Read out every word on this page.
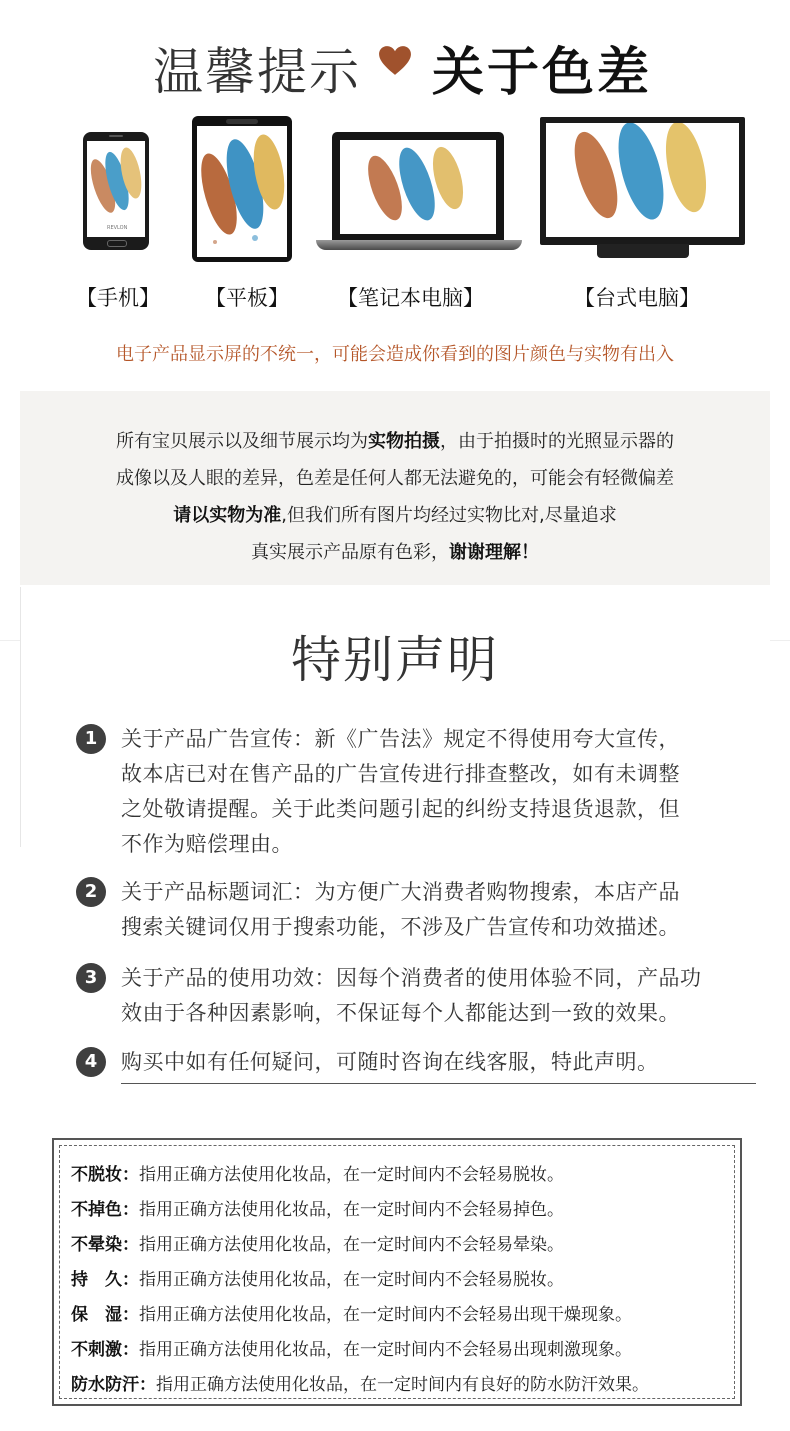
温馨提示 关于色差
REVLON
【手机】 【平板】 【笔记本电脑】	【台式电脑】
电子产品显示屏的不统一，可能会造成你看到的图片颜色与实物有出入
所有宝贝展示以及细节展示均为实物拍摄，由于拍摄时的光照显示器的
成像以及人眼的差异，色差是任何人都无法避免的，可能会有轻微偏差
请以实物为准,但我们所有图片均经过实物比对,尽量追求
真实展示产品原有色彩，谢谢理解！
特别声明
1	关于产品广告宣传：新《广告法》规定不得使用夸大宣传，
故本店已对在售产品的广告宣传进行排查整改，如有未调整
之处敬请提醒。关于此类问题引起的纠纷支持退货退款，但
不作为赔偿理由。
2	关于产品标题词汇：为方便广大消费者购物搜索，本店产品
搜索关键词仅用于搜索功能，不涉及广告宣传和功效描述。
3	关于产品的使用功效：因每个消费者的使用体验不同，产品功
效由于各种因素影响，不保证每个人都能达到一致的效果。
4	购买中如有任何疑问，可随时咨询在线客服，特此声明。
不脱妆：指用正确方法使用化妆品，在一定时间内不会轻易脱妆。
不掉色：指用正确方法使用化妆品，在一定时间内不会轻易掉色。
不晕染：指用正确方法使用化妆品，在一定时间内不会轻易晕染。
持　久：指用正确方法使用化妆品，在一定时间内不会轻易脱妆。
保　湿：指用正确方法使用化妆品，在一定时间内不会轻易出现干燥现象。
不刺激：指用正确方法使用化妆品，在一定时间内不会轻易出现刺激现象。
防水防汗：指用正确方法使用化妆品，在一定时间内有良好的防水防汗效果。
